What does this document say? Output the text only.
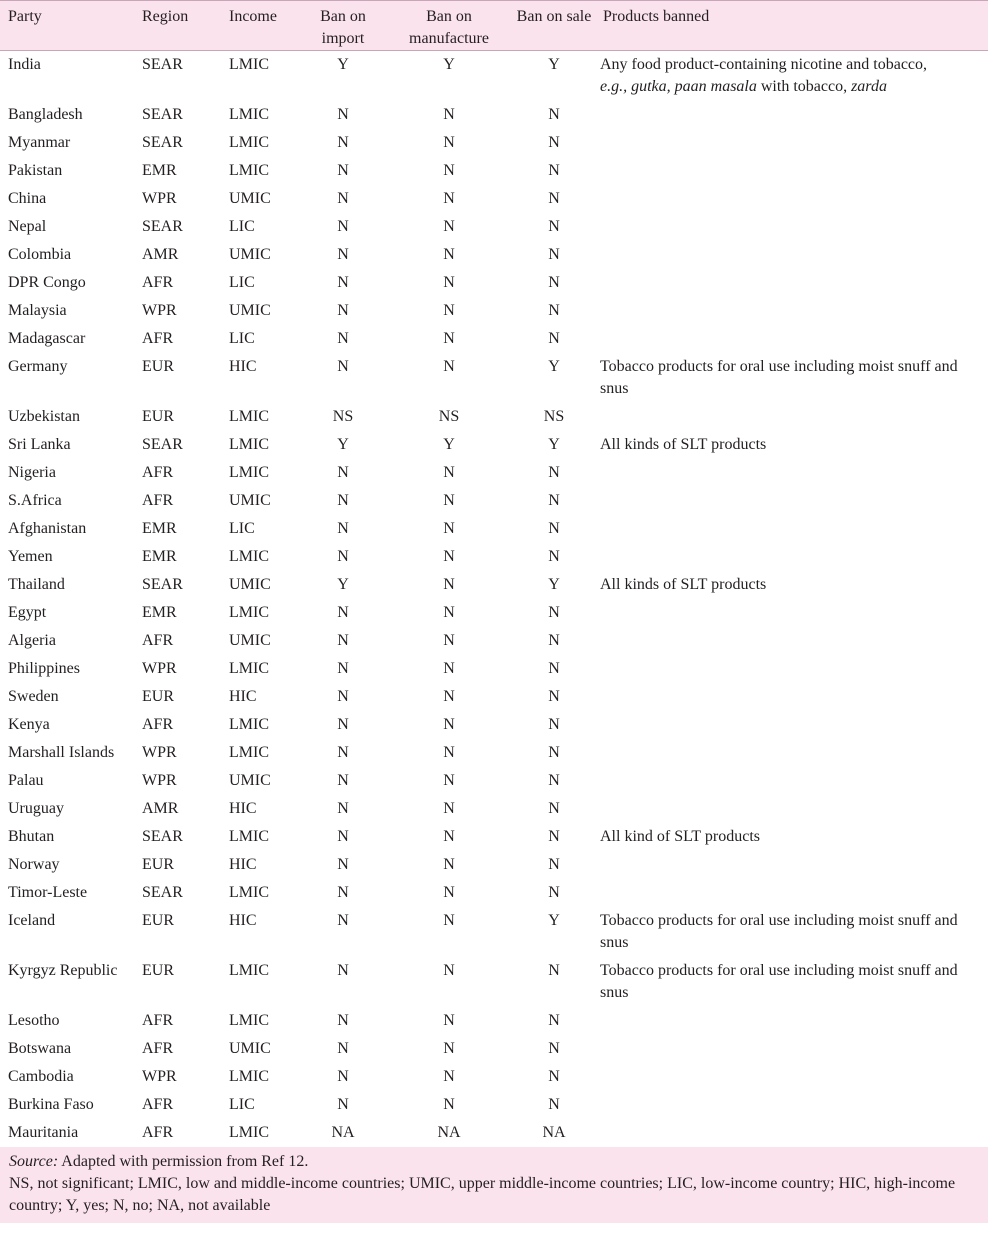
Party	Region	Income	Ban on import	Ban on manufacture	Ban on sale	Products banned
India	SEAR	LMIC	Y	Y	Y	Any food product-containing nicotine and tobacco,
e.g., gutka, paan masala with tobacco, zarda
Bangladesh	SEAR	LMIC	N	N	N	
Myanmar	SEAR	LMIC	N	N	N	
Pakistan	EMR	LMIC	N	N	N	
China	WPR	UMIC	N	N	N	
Nepal	SEAR	LIC	N	N	N	
Colombia	AMR	UMIC	N	N	N	
DPR Congo	AFR	LIC	N	N	N	
Malaysia	WPR	UMIC	N	N	N	
Madagascar	AFR	LIC	N	N	N	
Germany	EUR	HIC	N	N	Y	Tobacco products for oral use including moist snuff and snus
Uzbekistan	EUR	LMIC	NS	NS	NS	
Sri Lanka	SEAR	LMIC	Y	Y	Y	All kinds of SLT products
Nigeria	AFR	LMIC	N	N	N	
S.Africa	AFR	UMIC	N	N	N	
Afghanistan	EMR	LIC	N	N	N	
Yemen	EMR	LMIC	N	N	N	
Thailand	SEAR	UMIC	Y	N	Y	All kinds of SLT products
Egypt	EMR	LMIC	N	N	N	
Algeria	AFR	UMIC	N	N	N	
Philippines	WPR	LMIC	N	N	N	
Sweden	EUR	HIC	N	N	N	
Kenya	AFR	LMIC	N	N	N	
Marshall Islands	WPR	LMIC	N	N	N	
Palau	WPR	UMIC	N	N	N	
Uruguay	AMR	HIC	N	N	N	
Bhutan	SEAR	LMIC	N	N	N	All kind of SLT products
Norway	EUR	HIC	N	N	N	
Timor-Leste	SEAR	LMIC	N	N	N	
Iceland	EUR	HIC	N	N	Y	Tobacco products for oral use including moist snuff and snus
Kyrgyz Republic	EUR	LMIC	N	N	N	Tobacco products for oral use including moist snuff and snus
Lesotho	AFR	LMIC	N	N	N	
Botswana	AFR	UMIC	N	N	N	
Cambodia	WPR	LMIC	N	N	N	
Burkina Faso	AFR	LIC	N	N	N	
Mauritania	AFR	LMIC	NA	NA	NA	
Source: Adapted with permission from Ref 12.
NS, not significant; LMIC, low and middle-income countries; UMIC, upper middle-income countries; LIC, low-income country; HIC, high-income country; Y, yes; N, no; NA, not available
